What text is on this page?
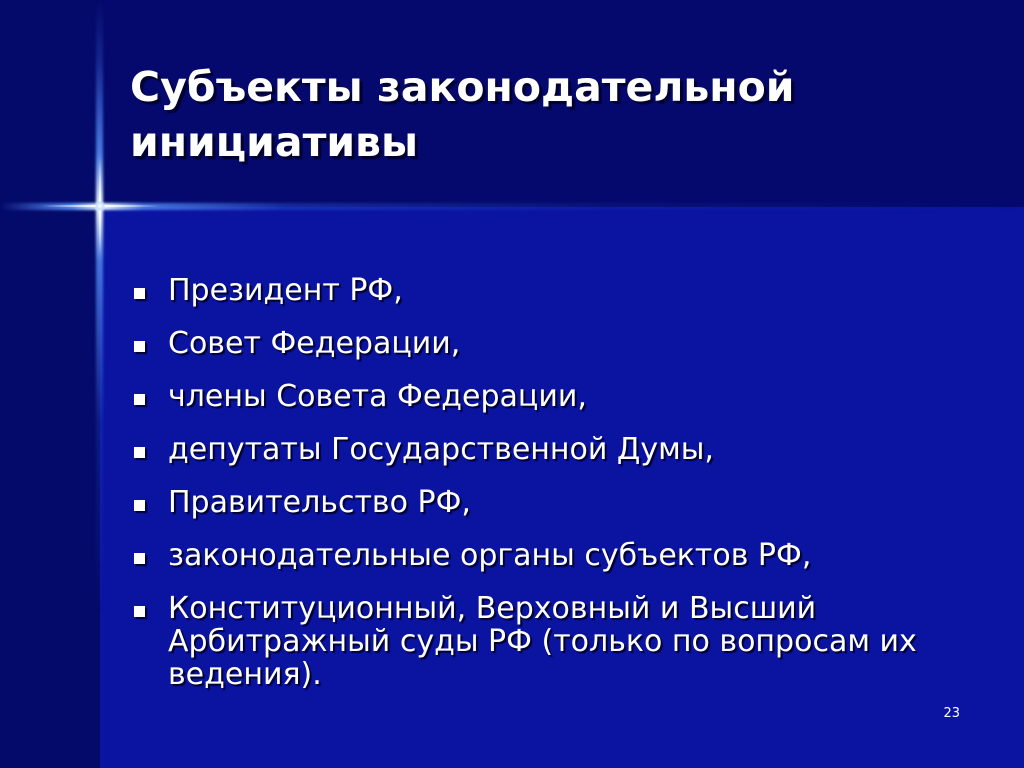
Субъекты законодательной инициативы
Президент РФ,
Совет Федерации,
члены Совета Федерации,
депутаты Государственной Думы,
Правительство РФ,
законодательные органы субъектов РФ,
Конституционный, Верховный и Высший Арбитражный суды РФ (только по вопросам их ведения).
23
